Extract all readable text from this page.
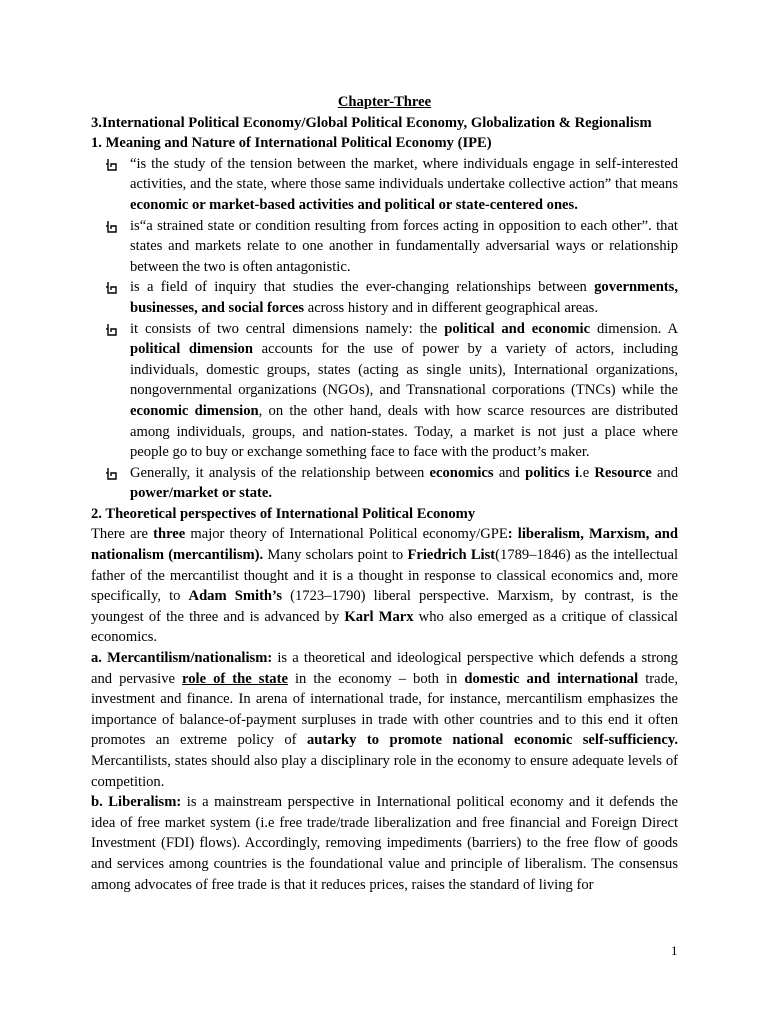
Chapter-Three
3.International Political Economy/Global Political Economy, Globalization & Regionalism
1. Meaning and Nature of International Political Economy (IPE)
“is the study of the tension between the market, where individuals engage in self-interested activities, and the state, where those same individuals undertake collective action” that means economic or market-based activities and political or state-centered ones.
is“a strained state or condition resulting from forces acting in opposition to each other”. that states and markets relate to one another in fundamentally adversarial ways or relationship between the two is often antagonistic.
is a field of inquiry that studies the ever-changing relationships between governments, businesses, and social forces across history and in different geographical areas.
it consists of two central dimensions namely: the political and economic dimension. A political dimension accounts for the use of power by a variety of actors, including individuals, domestic groups, states (acting as single units), International organizations, nongovernmental organizations (NGOs), and Transnational corporations (TNCs) while the economic dimension, on the other hand, deals with how scarce resources are distributed among individuals, groups, and nation-states. Today, a market is not just a place where people go to buy or exchange something face to face with the product’s maker.
Generally, it analysis of the relationship between economics and politics i.e Resource and power/market or state.
2. Theoretical perspectives of International Political Economy

There are three major theory of International Political economy/GPE: liberalism, Marxism, and nationalism (mercantilism). Many scholars point to Friedrich List(1789–1846) as the intellectual father of the mercantilist thought and it is a thought in response to classical economics and, more specifically, to Adam Smith’s (1723–1790) liberal perspective. Marxism, by contrast, is the youngest of the three and is advanced by Karl Marx who also emerged as a critique of classical economics.

a. Mercantilism/nationalism: is a theoretical and ideological perspective which defends a strong and pervasive role of the state in the economy – both in domestic and international trade, investment and finance. In arena of international trade, for instance, mercantilism emphasizes the importance of balance-of-payment surpluses in trade with other countries and to this end it often promotes an extreme policy of autarky to promote national economic self-sufficiency. Mercantilists, states should also play a disciplinary role in the economy to ensure adequate levels of competition.

b. Liberalism: is a mainstream perspective in International political economy and it defends the idea of free market system (i.e free trade/trade liberalization and free financial and Foreign Direct Investment (FDI) flows). Accordingly, removing impediments (barriers) to the free flow of goods and services among countries is the foundational value and principle of liberalism. The consensus among advocates of free trade is that it reduces prices, raises the standard of living for

1
